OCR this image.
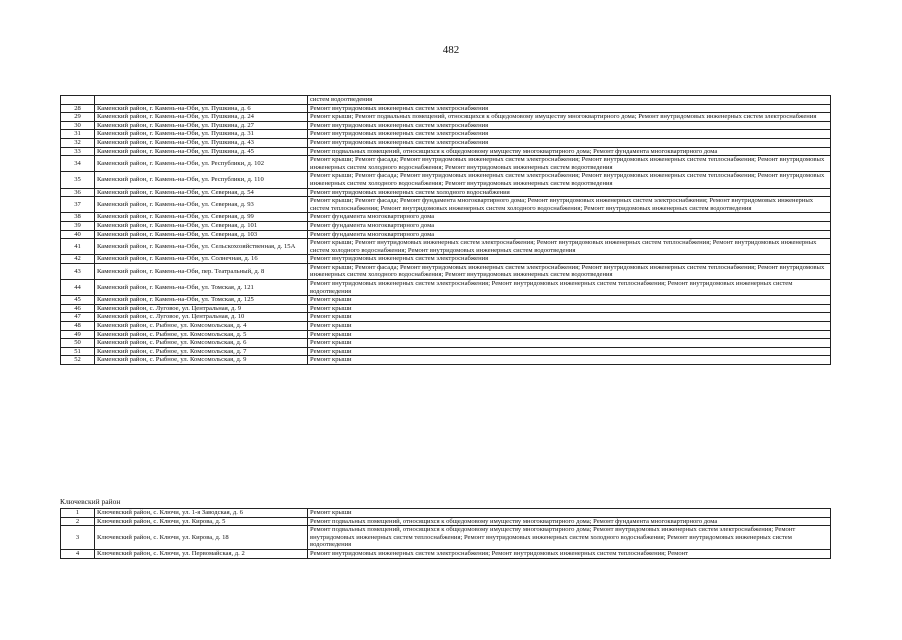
482
		систем водоотведения
28	Каменский район, г. Камень-на-Оби, ул. Пушкина, д. 6	Ремонт внутридомовых инженерных систем электроснабжения
29	Каменский район, г. Камень-на-Оби, ул. Пушкина, д. 24	Ремонт крыши; Ремонт подвальных помещений, относящихся к общедомовому имуществу многоквартирного дома; Ремонт внутридомовых инженерных систем электроснабжения
30	Каменский район, г. Камень-на-Оби, ул. Пушкина, д. 27	Ремонт внутридомовых инженерных систем электроснабжения
31	Каменский район, г. Камень-на-Оби, ул. Пушкина, д. 31	Ремонт внутридомовых инженерных систем электроснабжения
32	Каменский район, г. Камень-на-Оби, ул. Пушкина, д. 43	Ремонт внутридомовых инженерных систем электроснабжения
33	Каменский район, г. Камень-на-Оби, ул. Пушкина, д. 45	Ремонт подвальных помещений, относящихся к общедомовому имуществу многоквартирного дома; Ремонт фундамента многоквартирного дома
34	Каменский район, г. Камень-на-Оби, ул. Республики, д. 102	Ремонт крыши; Ремонт фасада; Ремонт внутридомовых инженерных систем электроснабжения; Ремонт внутридомовых инженерных систем теплоснабжения; Ремонт внутридомовых инженерных систем холодного водоснабжения; Ремонт внутридомовых инженерных систем водоотведения
35	Каменский район, г. Камень-на-Оби, ул. Республики, д. 110	Ремонт крыши; Ремонт фасада; Ремонт внутридомовых инженерных систем электроснабжения; Ремонт внутридомовых инженерных систем теплоснабжения; Ремонт внутридомовых инженерных систем холодного водоснабжения; Ремонт внутридомовых инженерных систем водоотведения
36	Каменский район, г. Камень-на-Оби, ул. Северная, д. 54	Ремонт внутридомовых инженерных систем холодного водоснабжения
37	Каменский район, г. Камень-на-Оби, ул. Северная, д. 93	Ремонт крыши; Ремонт фасада; Ремонт фундамента многоквартирного дома; Ремонт внутридомовых инженерных систем электроснабжения; Ремонт внутридомовых инженерных систем теплоснабжения; Ремонт внутридомовых инженерных систем холодного водоснабжения; Ремонт внутридомовых инженерных систем водоотведения
38	Каменский район, г. Камень-на-Оби, ул. Северная, д. 99	Ремонт фундамента многоквартирного дома
39	Каменский район, г. Камень-на-Оби, ул. Северная, д. 101	Ремонт фундамента многоквартирного дома
40	Каменский район, г. Камень-на-Оби, ул. Северная, д. 103	Ремонт фундамента многоквартирного дома
41	Каменский район, г. Камень-на-Оби, ул. Сельскохозяйственная, д. 15А	Ремонт крыши; Ремонт внутридомовых инженерных систем электроснабжения; Ремонт внутридомовых инженерных систем теплоснабжения; Ремонт внутридомовых инженерных систем холодного водоснабжения; Ремонт внутридомовых инженерных систем водоотведения
42	Каменский район, г. Камень-на-Оби, ул. Солнечная, д. 16	Ремонт внутридомовых инженерных систем электроснабжения
43	Каменский район, г. Камень-на-Оби, пер. Театральный, д. 8	Ремонт крыши; Ремонт фасада; Ремонт внутридомовых инженерных систем электроснабжения; Ремонт внутридомовых инженерных систем теплоснабжения; Ремонт внутридомовых инженерных систем холодного водоснабжения; Ремонт внутридомовых инженерных систем водоотведения
44	Каменский район, г. Камень-на-Оби, ул. Томская, д. 121	Ремонт внутридомовых инженерных систем электроснабжения; Ремонт внутридомовых инженерных систем теплоснабжения; Ремонт внутридомовых инженерных систем водоотведения
45	Каменский район, г. Камень-на-Оби, ул. Томская, д. 125	Ремонт крыши
46	Каменский район, с. Луговое, ул. Центральная, д. 9	Ремонт крыши
47	Каменский район, с. Луговое, ул. Центральная, д. 10	Ремонт крыши
48	Каменский район, с. Рыбное, ул. Комсомольская, д. 4	Ремонт крыши
49	Каменский район, с. Рыбное, ул. Комсомольская, д. 5	Ремонт крыши
50	Каменский район, с. Рыбное, ул. Комсомольская, д. 6	Ремонт крыши
51	Каменский район, с. Рыбное, ул. Комсомольская, д. 7	Ремонт крыши
52	Каменский район, с. Рыбное, ул. Комсомольская, д. 9	Ремонт крыши
Ключевский район
1	Ключевский район, с. Ключи, ул. 1-я Заводская, д. 6	Ремонт крыши
2	Ключевский район, с. Ключи, ул. Кирова, д. 5	Ремонт подвальных помещений, относящихся к общедомовому имуществу многоквартирного дома; Ремонт фундамента многоквартирного дома
3	Ключевский район, с. Ключи, ул. Кирова, д. 18	Ремонт подвальных помещений, относящихся к общедомовому имуществу многоквартирного дома; Ремонт внутридомовых инженерных систем электроснабжения; Ремонт внутридомовых инженерных систем теплоснабжения; Ремонт внутридомовых инженерных систем холодного водоснабжения; Ремонт внутридомовых инженерных систем водоотведения
4	Ключевский район, с. Ключи, ул. Первомайская, д. 2	Ремонт внутридомовых инженерных систем электроснабжения; Ремонт внутридомовых инженерных систем теплоснабжения; Ремонт
